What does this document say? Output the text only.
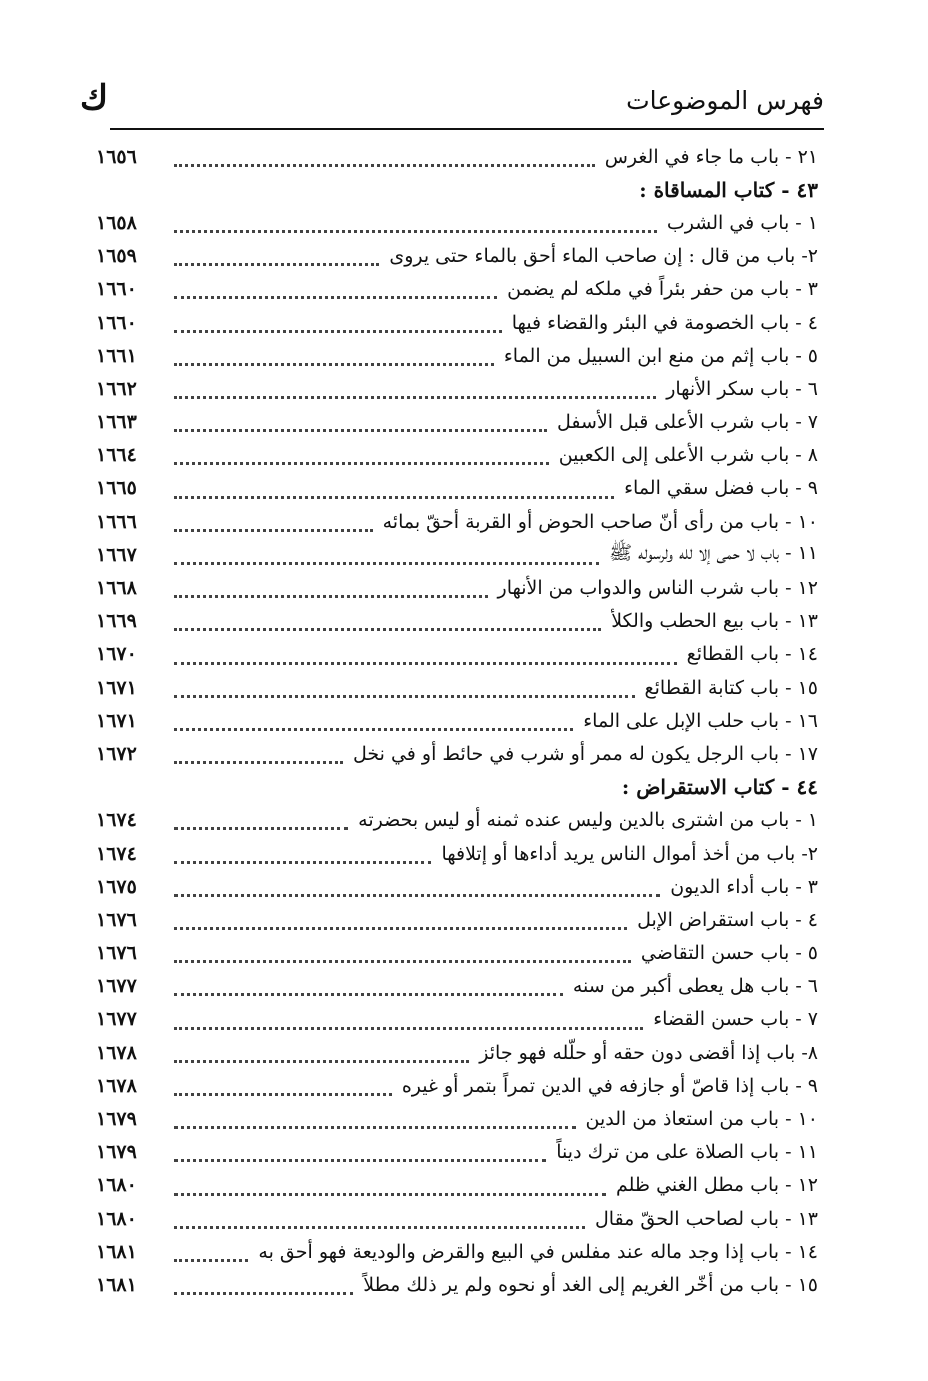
فهرس الموضوعات
ك
٢١ - باب ما جاء في الغرس
١٦٥٦
٤٣ - كتاب المساقاة :
١ - باب في الشرب
١٦٥٨
٢- باب من قال : إن صاحب الماء أحق بالماء حتى يروى
١٦٥٩
٣ - باب من حفر بئراً في ملكه لم يضمن
١٦٦٠
٤ - باب الخصومة في البئر والقضاء فيها
١٦٦٠
٥ - باب إثم من منع ابن السبيل من الماء
١٦٦١
٦ - باب سكر الأنهار
١٦٦٢
٧ - باب شرب الأعلى قبل الأسفل
١٦٦٣
٨ - باب شرب الأعلى إلى الكعبين
١٦٦٤
٩ - باب فضل سقي الماء
١٦٦٥
١٠ - باب من رأى أنّ صاحب الحوض أو القربة أحقّ بمائه
١٦٦٦
١١ - باب لا حمى إلا لله ولرسوله ﷺ
١٦٦٧
١٢ - باب شرب الناس والدواب من الأنهار
١٦٦٨
١٣ - باب بيع الحطب والكلأ
١٦٦٩
١٤ - باب القطائع
١٦٧٠
١٥ - باب كتابة القطائع
١٦٧١
١٦ - باب حلب الإبل على الماء
١٦٧١
١٧ - باب الرجل يكون له ممر أو شرب في حائط أو في نخل
١٦٧٢
٤٤ - كتاب الاستقراض :
١ - باب من اشترى بالدين وليس عنده ثمنه أو ليس بحضرته
١٦٧٤
٢- باب من أخذ أموال الناس يريد أداءها أو إتلافها
١٦٧٤
٣ - باب أداء الديون
١٦٧٥
٤ - باب استقراض الإبل
١٦٧٦
٥ - باب حسن التقاضي
١٦٧٦
٦ - باب هل يعطى أكبر من سنه
١٦٧٧
٧ - باب حسن القضاء
١٦٧٧
٨- باب إذا أقضى دون حقه أو حلّله فهو جائز
١٦٧٨
٩ - باب إذا قاصّ أو جازفه في الدين تمراً بتمر أو غيره
١٦٧٨
١٠ - باب من استعاذ من الدين
١٦٧٩
١١ - باب الصلاة على من ترك ديناً
١٦٧٩
١٢ - باب مطل الغني ظلم
١٦٨٠
١٣ - باب لصاحب الحقّ مقال
١٦٨٠
١٤ - باب إذا وجد ماله عند مفلس في البيع والقرض والوديعة فهو أحق به
١٦٨١
١٥ - باب من أخّر الغريم إلى الغد أو نحوه ولم ير ذلك مطلاً
١٦٨١
